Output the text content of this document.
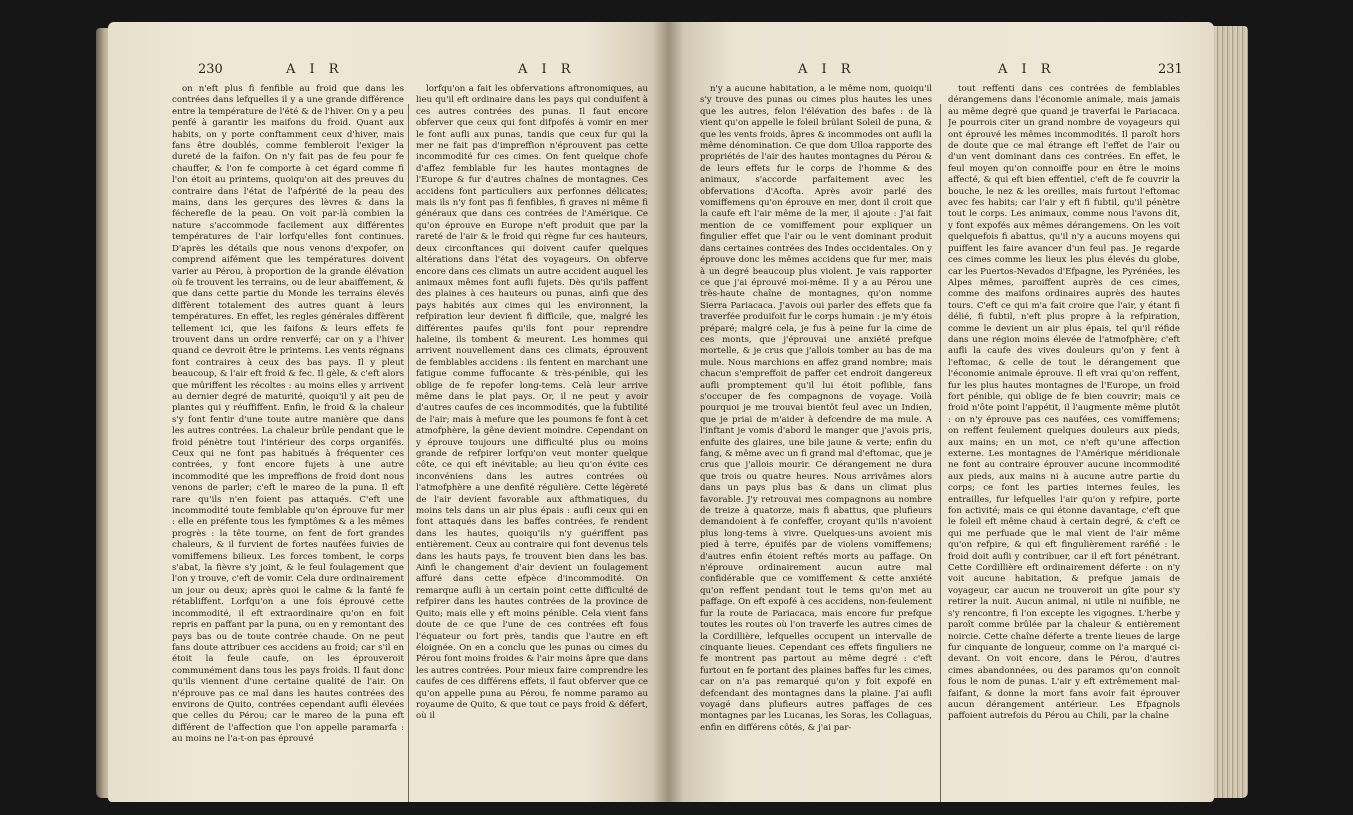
230	A I R	A I R

on n'eft plus fi fenfible au froid que dans les contrées dans lefquelles il y a une grande différence entre la température de l'été & de l'hiver. On y a peu penfé à garantir les maifons du froid. Quant aux habits, on y porte conftamment ceux d'hiver, mais fans être doublés, comme fembleroit l'exiger la dureté de la faifon. On n'y fait pas de feu pour fe chauffer, & l'on fe comporte à cet égard comme fi l'on étoit au printems, quoiqu'on ait des preuves du contraire dans l'état de l'afpérité de la peau des mains, dans les gerçures des lèvres & dans la fécherefle de la peau. On voit par-là combien la nature s'accommode facilement aux différentes températures de l'air lorfqu'elles font continues. D'après les détails que nous venons d'expofer, on comprend aifément que les températures doivent varier au Pérou, à proportion de la grande élévation où fe trouvent les terrains, ou de leur abaiffement, & que dans cette partie du Monde les terrains élevés diffèrent totalement des autres quant à leurs températures. En effet, les regles générales diffèrent tellement ici, que les faifons & leurs effets fe trouvent dans un ordre renverfé; car on y a l'hiver quand ce devroit être le printems. Les vents régnans font contraires à ceux des bas pays. Il y pleut beaucoup, & l'air eft froid & fec. Il gèle, & c'eft alors que mûriffent les récoltes : au moins elles y arrivent au dernier degré de maturité, quoiqu'il y ait peu de plantes qui y réuffiffent. Enfin, le froid & la chaleur s'y font fentir d'une toute autre manière que dans les autres contrées. La chaleur brûle pendant que le froid pénètre tout l'intérieur des corps organifés. Ceux qui ne font pas habitués à fréquenter ces contrées, y font encore fujets à une autre incommodité que les impreffions de froid dont nous venons de parler; c'eft le mareo de la puna. Il eft rare qu'ils n'en foient pas attaqués. C'eft une incommodité toute femblable qu'on éprouve fur mer : elle en préfente tous les fymptômes & a les mêmes progrès : la tête tourne, on fent de fort grandes chaleurs, & il furvient de fortes naufées fuivies de vomiffemens bilieux. Les forces tombent, le corps s'abat, la fièvre s'y joint, & le feul foulagement que l'on y trouve, c'eft de vomir. Cela dure ordinairement un jour ou deux; après quoi le calme & la fanté fe rétabliffent. Lorfqu'on a une fois éprouvé cette incommodité, il eft extraordinaire qu'on en foit repris en paffant par la puna, ou en y remontant des pays bas ou de toute contrée chaude. On ne peut fans doute attribuer ces accidens au froid; car s'il en étoit la feule caufe, on les éprouveroit communément dans tous les pays froids. Il faut donc qu'ils viennent d'une certaine qualité de l'air. On n'éprouve pas ce mal dans les hautes contrées des environs de Quito, contrées cependant aufli élevées que celles du Pérou; car le mareo de la puna eft différent de l'affection que l'on appelle paramarfa : au moins ne l'a-t-on pas éprouvé

lorfqu'on a fait les obfervations aftronomiques, au lieu qu'il eft ordinaire dans les pays qui conduifent à ces autres contrées des punas. Il faut encore obferver que ceux qui font difpofés à vomir en mer le font aufli aux punas, tandis que ceux fur qui la mer ne fait pas d'impreffion n'éprouvent pas cette incommodité fur ces cimes. On fent quelque chofe d'affez femblable fur les hautes montagnes de l'Europe & fur d'autres chaînes de montagnes. Ces accidens font particuliers aux perfonnes délicates; mais ils n'y font pas fi fenfibles, fi graves ni même fi généraux que dans ces contrées de l'Amérique. Ce qu'on éprouve en Europe n'eft produit que par la rareté de l'air & le froid qui règne fur ces hauteurs, deux circonftances qui doivent caufer quelques altérations dans l'état des voyageurs. On obferve encore dans ces climats un autre accident auquel les animaux mêmes font aufli fujets. Dès qu'ils paffent des plaines à ces hauteurs ou punas, ainfi que des pays habités aux cimes qui les environnent, la refpiration leur devient fi difficile, que, malgré les différentes paufes qu'ils font pour reprendre haleine, ils tombent & meurent. Les hommes qui arrivent nouvellement dans ces climats, éprouvent de femblables accidens : ils fentent en marchant une fatigue comme fuffocante & très-pénible, qui les oblige de fe repofer long-tems. Celà leur arrive même dans le plat pays. Or, il ne peut y avoir d'autres caufes de ces incommodités, que la fubtilité de l'air; mais à mefure que les poumons fe font à cet atmofphère, la gêne devient moindre. Cependant on y éprouve toujours une difficulté plus ou moins grande de refpirer lorfqu'on veut monter quelque côte, ce qui eft inévitable; au lieu qu'on évite ces inconvéniens dans les autres contrées où l'atmofphère a une denfité régulière. Cette légèreté de l'air devient favorable aux afthmatiques, du moins tels dans un air plus épais : aufli ceux qui en font attaqués dans les baffes contrées, fe rendent dans les hautes, quoiqu'ils n'y guériffent pas entièrement. Ceux au contraire qui font devenus tels dans les hauts pays, fe trouvent bien dans les bas. Ainfi le changement d'air devient un foulagement affuré dans cette efpèce d'incommodité. On remarque aufli à un certain point cette difficulté de refpirer dans les hautes contrées de la province de Quito; mais elle y eft moins pénible. Cela vient fans doute de ce que l'une de ces contrées eft fous l'équateur ou fort près, tandis que l'autre en eft éloignée. On en a conclu que les punas ou cimes du Pérou font moins froides & l'air moins âpre que dans les autres contrées. Pour mieux faire comprendre les caufes de ces différens effets, il faut obferver que ce qu'on appelle puna au Pérou, fe nomme paramo au royaume de Quito, & que tout ce pays froid & défert, où il

A I R	A I R	231

n'y a aucune habitation, a le même nom, quoiqu'il s'y trouve des punas ou cimes plus hautes les unes que les autres, felon l'élévation des bafes : de là vient qu'on appelle le foleil brûlant Soleil de puna, & que les vents froids, âpres & incommodes ont aufli la même dénomination. Ce que dom Ulloa rapporte des propriétés de l'air des hautes montagnes du Pérou & de leurs effets fur le corps de l'homme & des animaux, s'accorde parfaitement avec les obfervations d'Acofta. Après avoir parlé des vomiffemens qu'on éprouve en mer, dont il croit que la caufe eft l'air même de la mer, il ajoute : J'ai fait mention de ce vomiffement pour expliquer un fingulier effet que l'air ou le vent dominant produit dans certaines contrées des Indes occidentales. On y éprouve donc les mêmes accidens que fur mer, mais à un degré beaucoup plus violent. Je vais rapporter ce que j'ai éprouvé moi-même. Il y a au Pérou une très-haute chaîne de montagnes, qu'on nomme Sierra Pariacaca. J'avois oui parler des effets que fa traverfée produifoit fur le corps humain : je m'y étois préparé; malgré cela, je fus à peine fur la cime de ces monts, que j'éprouvai une anxiété prefque mortelle, & je crus que j'allois tomber au bas de ma mule. Nous marchions en affez grand nombre; mais chacun s'empreffoit de paffer cet endroit dangereux aufli promptement qu'il lui étoit poflible, fans s'occuper de fes compagnons de voyage. Voilà pourquoi je me trouvai bientôt feul avec un Indien, que je priai de m'aider à defcendre de ma mule. A l'inftant je vomis d'abord le manger que j'avois pris, enfuite des glaires, une bile jaune & verte; enfin du fang, & même avec un fi grand mal d'eftomac, que je crus que j'allois mourir. Ce dérangement ne dura que trois ou quatre heures. Nous arrivâmes alors dans un pays plus bas & dans un climat plus favorable. J'y retrouvai mes compagnons au nombre de treize à quatorze, mais fi abattus, que plufieurs demandoient à fe confeffer, croyant qu'ils n'avoient plus long-tems à vivre. Quelques-uns avoient mis pied à terre, épuifés par de violens vomiffemens; d'autres enfin étoient reftés morts au paffage. On n'éprouve ordinairement aucun autre mal confidérable que ce vomiffement & cette anxiété qu'on reffent pendant tout le tems qu'on met au paffage. On eft expofé à ces accidens, non-feulement fur la route de Pariacaca, mais encore fur prefque toutes les routes où l'on traverfe les autres cimes de la Cordillière, lefquelles occupent un intervalle de cinquante lieues. Cependant ces effets finguliers ne fe montrent pas partout au même degré : c'eft furtout en fe portant des plaines baffes fur les cimes, car on n'a pas remarqué qu'on y foit expofé en defcendant des montagnes dans la plaine. J'ai aufli voyagé dans plufieurs autres paffages de ces montagnes par les Lucanas, les Soras, les Collaguas, enfin en différens côtés, & j'ai par-

tout reffenti dans ces contrées de femblables dérangemens dans l'économie animale, mais jamais au même degré que quand je traverfai le Pariacaca. Je pourrois citer un grand nombre de voyageurs qui ont éprouvé les mêmes incommodités. Il paroît hors de doute que ce mal étrange eft l'effet de l'air ou d'un vent dominant dans ces contrées. En effet, le feul moyen qu'on connoiffe pour en être le moins affecté, & qui eft bien effentiel, c'eft de fe couvrir la bouche, le nez & les oreilles, mais furtout l'eftomac avec fes habits; car l'air y eft fi fubtil, qu'il pénètre tout le corps. Les animaux, comme nous l'avons dit, y font expofés aux mêmes dérangemens. On les voit quelquefois fi abattus, qu'il n'y a aucuns moyens qui puiffent les faire avancer d'un feul pas. Je regarde ces cimes comme les lieux les plus élevés du globe, car les Puertos-Nevados d'Efpagne, les Pyrénées, les Alpes mêmes, paroiffent auprès de ces cimes, comme des maifons ordinaires auprès des hautes tours. C'eft ce qui m'a fait croire que l'air, y étant fi délié, fi fubtil, n'eft plus propre à la refpiration, comme le devient un air plus épais, tel qu'il réfide dans une région moins élevée de l'atmofphère; c'eft aufli la caufe des vives douleurs qu'on y fent à l'eftomac, & celle de tout le dérangement que l'économie animale éprouve. Il eft vrai qu'on reffent, fur les plus hautes montagnes de l'Europe, un froid fort pénible, qui oblige de fe bien couvrir; mais ce froid n'ôte point l'appétit, il l'augmente même plutôt : on n'y éprouve pas ces naufées, ces vomiffemens; on reffent feulement quelques douleurs aux pieds, aux mains; en un mot, ce n'eft qu'une affection externe. Les montagnes de l'Amérique méridionale ne font au contraire éprouver aucune incommodité aux pieds, aux mains ni à aucune autre partie du corps; ce font les parties internes feules, les entrailles, fur lefquelles l'air qu'on y refpire, porte fon activité; mais ce qui étonne davantage, c'eft que le foleil eft même chaud à certain degré, & c'eft ce qui me perfuade que le mal vient de l'air même qu'on refpire, & qui eft fingulièrement raréfié : le froid doit aufli y contribuer, car il eft fort pénétrant. Cette Cordillière eft ordinairement déferte : on n'y voit aucune habitation, & prefque jamais de voyageur, car aucun ne trouveroit un gîte pour s'y retirer la nuit. Aucun animal, ni utile ni nuifible, ne s'y rencontre, fi l'on excepte les vigognes. L'herbe y paroît comme brûlée par la chaleur & entièrement noircie. Cette chaîne déferte a trente lieues de large fur cinquante de longueur, comme on l'a marqué ci-devant. On voit encore, dans le Pérou, d'autres cimes abandonnées, ou des paramos qu'on connoît fous le nom de punas. L'air y eft extrêmement mal-faifant, & donne la mort fans avoir fait éprouver aucun dérangement antérieur. Les Efpagnols paffoient autrefois du Pérou au Chili, par la chaîne
